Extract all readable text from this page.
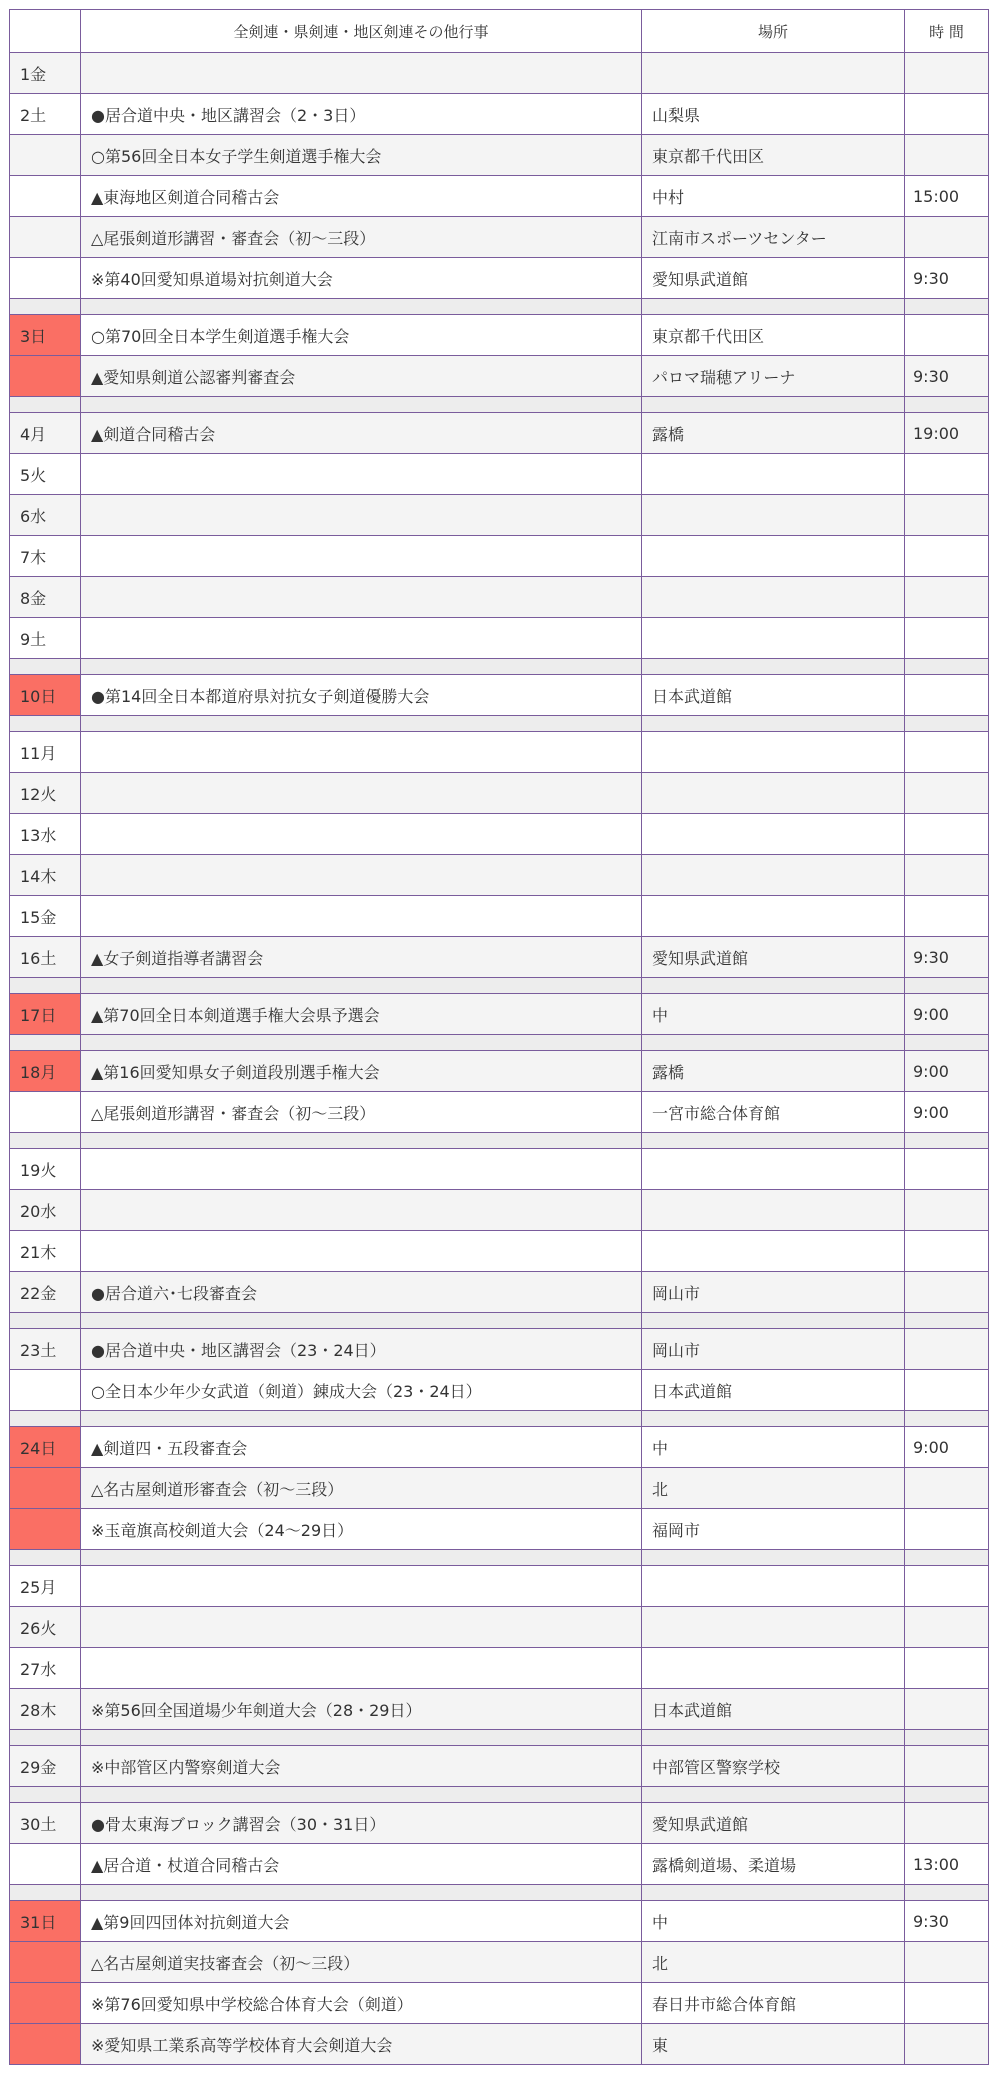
	全剣連・県剣連・地区剣連その他行事	場所	時 間
1金			
2土	●居合道中央・地区講習会（2・3日）	山梨県	
	○第56回全日本女子学生剣道選手権大会	東京都千代田区	
	▲東海地区剣道合同稽古会	中村	15:00
	△尾張剣道形講習・審査会（初～三段）	江南市スポーツセンター	
	※第40回愛知県道場対抗剣道大会	愛知県武道館	9:30

3日	○第70回全日本学生剣道選手権大会	東京都千代田区	
	▲愛知県剣道公認審判審査会	パロマ瑞穂アリーナ	9:30

4月	▲剣道合同稽古会	露橋	19:00
5火			
6水			
7木			
8金			
9土			

10日	●第14回全日本都道府県対抗女子剣道優勝大会	日本武道館	

11月			
12火			
13水			
14木			
15金			
16土	▲女子剣道指導者講習会	愛知県武道館	9:30

17日	▲第70回全日本剣道選手権大会県予選会	中	9:00

18月	▲第16回愛知県女子剣道段別選手権大会	露橋	9:00
	△尾張剣道形講習・審査会（初～三段）	一宮市総合体育館	9:00

19火			
20水			
21木			
22金	●居合道六･七段審査会	岡山市	

23土	●居合道中央・地区講習会（23・24日）	岡山市	
	○全日本少年少女武道（剣道）錬成大会（23・24日）	日本武道館	

24日	▲剣道四・五段審査会	中	9:00
	△名古屋剣道形審査会（初～三段）	北	
	※玉竜旗高校剣道大会（24～29日）	福岡市	

25月			
26火			
27水			
28木	※第56回全国道場少年剣道大会（28・29日）	日本武道館	

29金	※中部管区内警察剣道大会	中部管区警察学校	

30土	●骨太東海ブロック講習会（30・31日）	愛知県武道館	
	▲居合道・杖道合同稽古会	露橋剣道場、柔道場	13:00

31日	▲第9回四団体対抗剣道大会	中	9:30
	△名古屋剣道実技審査会（初～三段）	北	
	※第76回愛知県中学校総合体育大会（剣道）	春日井市総合体育館	
	※愛知県工業系高等学校体育大会剣道大会	東	
